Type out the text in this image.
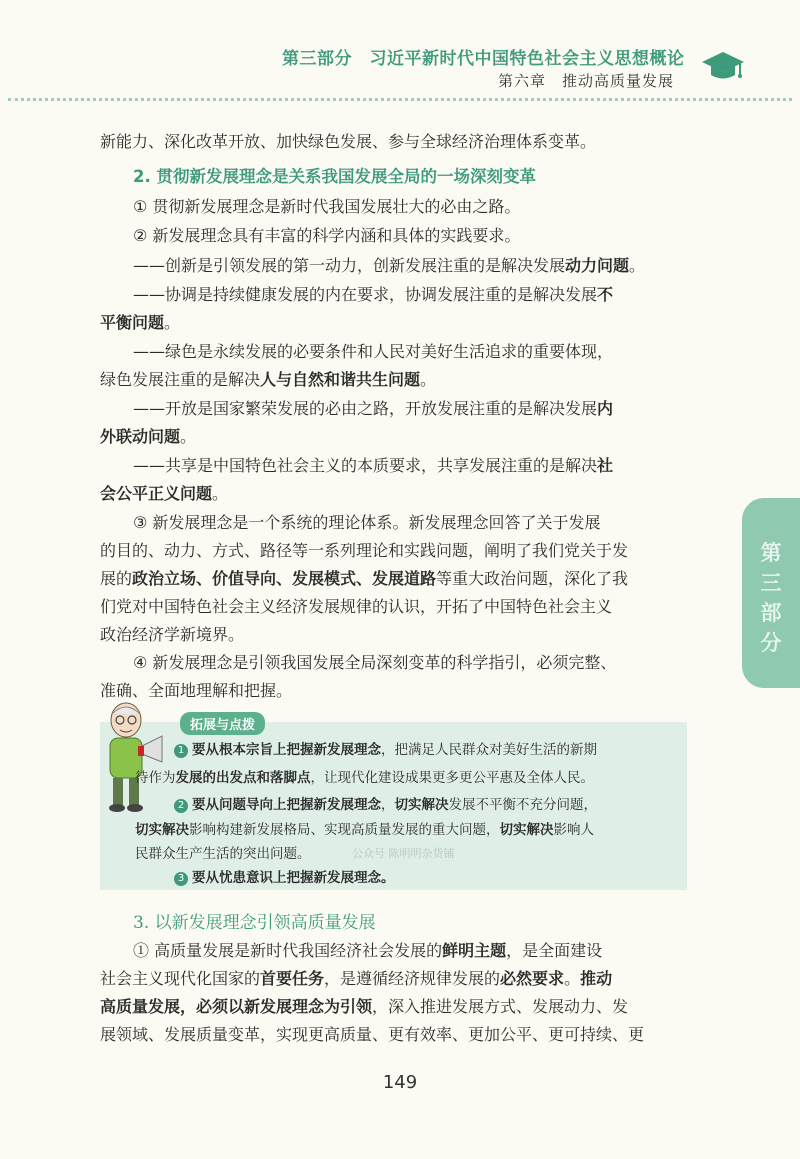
第三部分　习近平新时代中国特色社会主义思想概论
第六章　推动高质量发展
第
三
部
分
新能力、深化改革开放、加快绿色发展、参与全球经济治理体系变革。
2. 贯彻新发展理念是关系我国发展全局的一场深刻变革
① 贯彻新发展理念是新时代我国发展壮大的必由之路。
② 新发展理念具有丰富的科学内涵和具体的实践要求。
——创新是引领发展的第一动力，创新发展注重的是解决发展动力问题。
——协调是持续健康发展的内在要求，协调发展注重的是解决发展不
平衡问题。
——绿色是永续发展的必要条件和人民对美好生活追求的重要体现，
绿色发展注重的是解决人与自然和谐共生问题。
——开放是国家繁荣发展的必由之路，开放发展注重的是解决发展内
外联动问题。
——共享是中国特色社会主义的本质要求，共享发展注重的是解决社
会公平正义问题。
③ 新发展理念是一个系统的理论体系。新发展理念回答了关于发展
的目的、动力、方式、路径等一系列理论和实践问题，阐明了我们党关于发
展的政治立场、价值导向、发展模式、发展道路等重大政治问题，深化了我
们党对中国特色社会主义经济发展规律的认识，开拓了中国特色社会主义
政治经济学新境界。
④ 新发展理念是引领我国发展全局深刻变革的科学指引，必须完整、
准确、全面地理解和把握。
拓展与点拨
1 要从根本宗旨上把握新发展理念，把满足人民群众对美好生活的新期
待作为发展的出发点和落脚点，让现代化建设成果更多更公平惠及全体人民。
2 要从问题导向上把握新发展理念，切实解决发展不平衡不充分问题，
切实解决影响构建新发展格局、实现高质量发展的重大问题，切实解决影响人
民群众生产生活的突出问题。	公众号 陈明明杂货铺
3 要从忧患意识上把握新发展理念。
3. 以新发展理念引领高质量发展
① 高质量发展是新时代我国经济社会发展的鲜明主题，是全面建设
社会主义现代化国家的首要任务，是遵循经济规律发展的必然要求。推动
高质量发展，必须以新发展理念为引领，深入推进发展方式、发展动力、发
展领域、发展质量变革，实现更高质量、更有效率、更加公平、更可持续、更
149
